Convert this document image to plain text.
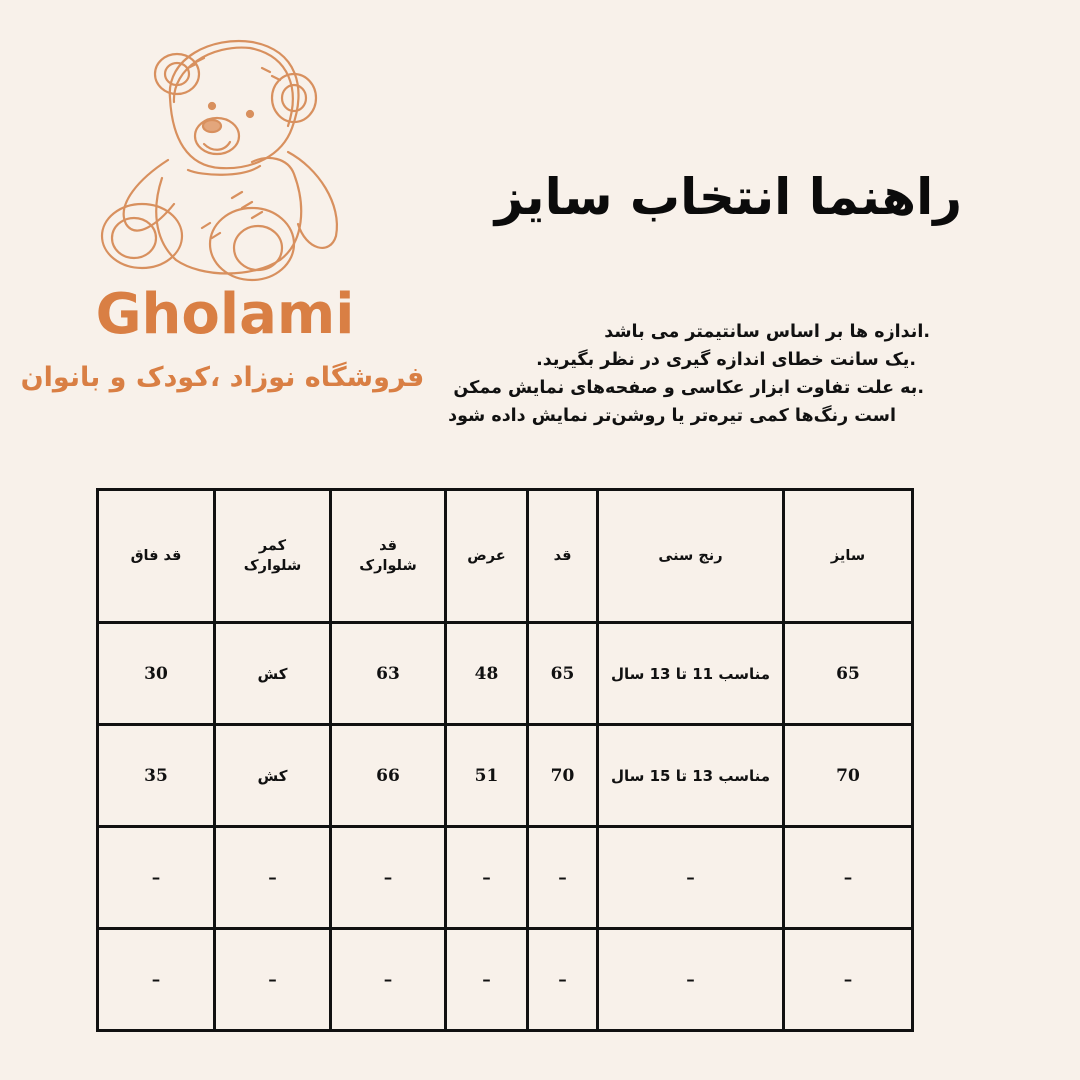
Gholami
فروشگاه نوزاد ،کودک و بانوان
راهنما انتخاب سایز
.اندازه ها بر اساس سانتیمتر می باشد
.یک سانت خطای اندازه گیری در نظر بگیرید.
.به علت تفاوت ابزار عکاسی و صفحه‌های نمایش ممکن
است رنگ‌ها کمی تیره‌تر یا روشن‌تر نمایش داده شود
سایز	رنج سنی	قد	عرض	قد شلوارک	کمر شلوارک	قد فاق
65	مناسب 11 تا 13 سال	65	48	63	کش	30
70	مناسب 13 تا 15 سال	70	51	66	کش	35
–	–	–	–	–	–	–
–	–	–	–	–	–	–
